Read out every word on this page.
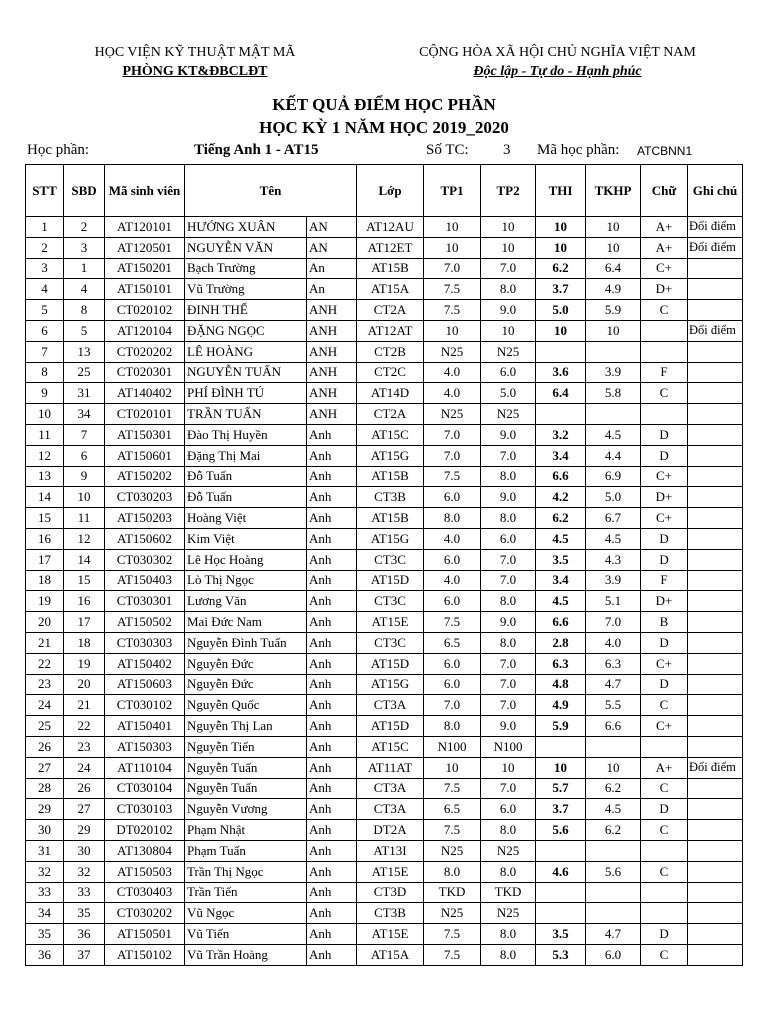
HỌC VIỆN KỸ THUẬT MẬT MÃ
PHÒNG KT&ĐBCLĐT
CỘNG HÒA XÃ HỘI CHỦ NGHĨA VIỆT NAM
Độc lập - Tự do - Hạnh phúc
KẾT QUẢ ĐIỂM HỌC PHẦN
HỌC KỲ 1 NĂM HỌC 2019_2020
Học phần:	Tiếng Anh 1 - AT15	Số TC: 3 Mã học phần: ATCBNN1
STT	SBD	Mã sinh viên	Tên		Lớp	TP1	TP2	THI	TKHP	Chữ	Ghi chú
1	2	AT120101	HƯỚNG XUÂN	AN	AT12AU	10	10	10	10	A+	Đổi điểm
2	3	AT120501	NGUYỄN VĂN	AN	AT12ET	10	10	10	10	A+	Đổi điểm
3	1	AT150201	Bạch Trường	An	AT15B	7.0	7.0	6.2	6.4	C+	
4	4	AT150101	Vũ Trường	An	AT15A	7.5	8.0	3.7	4.9	D+	
5	8	CT020102	ĐINH THẾ	ANH	CT2A	7.5	9.0	5.0	5.9	C	
6	5	AT120104	ĐẶNG NGỌC	ANH	AT12AT	10	10	10	10		Đổi điểm
7	13	CT020202	LÊ HOÀNG	ANH	CT2B	N25	N25				
8	25	CT020301	NGUYỄN TUẤN	ANH	CT2C	4.0	6.0	3.6	3.9	F	
9	31	AT140402	PHÍ ĐÌNH TÚ	ANH	AT14D	4.0	5.0	6.4	5.8	C	
10	34	CT020101	TRẦN TUẤN	ANH	CT2A	N25	N25				
11	7	AT150301	Đào Thị Huyền	Anh	AT15C	7.0	9.0	3.2	4.5	D	
12	6	AT150601	Đặng Thị Mai	Anh	AT15G	7.0	7.0	3.4	4.4	D	
13	9	AT150202	Đỗ Tuấn	Anh	AT15B	7.5	8.0	6.6	6.9	C+	
14	10	CT030203	Đỗ Tuấn	Anh	CT3B	6.0	9.0	4.2	5.0	D+	
15	11	AT150203	Hoàng Việt	Anh	AT15B	8.0	8.0	6.2	6.7	C+	
16	12	AT150602	Kim Việt	Anh	AT15G	4.0	6.0	4.5	4.5	D	
17	14	CT030302	Lê Học Hoàng	Anh	CT3C	6.0	7.0	3.5	4.3	D	
18	15	AT150403	Lò Thị Ngọc	Anh	AT15D	4.0	7.0	3.4	3.9	F	
19	16	CT030301	Lương Văn	Anh	CT3C	6.0	8.0	4.5	5.1	D+	
20	17	AT150502	Mai Đức Nam	Anh	AT15E	7.5	9.0	6.6	7.0	B	
21	18	CT030303	Nguyễn Đình Tuấn	Anh	CT3C	6.5	8.0	2.8	4.0	D	
22	19	AT150402	Nguyễn Đức	Anh	AT15D	6.0	7.0	6.3	6.3	C+	
23	20	AT150603	Nguyễn Đức	Anh	AT15G	6.0	7.0	4.8	4.7	D	
24	21	CT030102	Nguyễn Quốc	Anh	CT3A	7.0	7.0	4.9	5.5	C	
25	22	AT150401	Nguyễn Thị Lan	Anh	AT15D	8.0	9.0	5.9	6.6	C+	
26	23	AT150303	Nguyễn Tiến	Anh	AT15C	N100	N100				
27	24	AT110104	Nguyễn Tuấn	Anh	AT11AT	10	10	10	10	A+	Đổi điểm
28	26	CT030104	Nguyễn Tuấn	Anh	CT3A	7.5	7.0	5.7	6.2	C	
29	27	CT030103	Nguyễn Vương	Anh	CT3A	6.5	6.0	3.7	4.5	D	
30	29	DT020102	Phạm Nhật	Anh	DT2A	7.5	8.0	5.6	6.2	C	
31	30	AT130804	Phạm Tuấn	Anh	AT13I	N25	N25				
32	32	AT150503	Trần Thị Ngọc	Anh	AT15E	8.0	8.0	4.6	5.6	C	
33	33	CT030403	Trần Tiến	Anh	CT3D	TKD	TKD				
34	35	CT030202	Vũ Ngọc	Anh	CT3B	N25	N25				
35	36	AT150501	Vũ Tiến	Anh	AT15E	7.5	8.0	3.5	4.7	D	
36	37	AT150102	Vũ Trần Hoàng	Anh	AT15A	7.5	8.0	5.3	6.0	C	
